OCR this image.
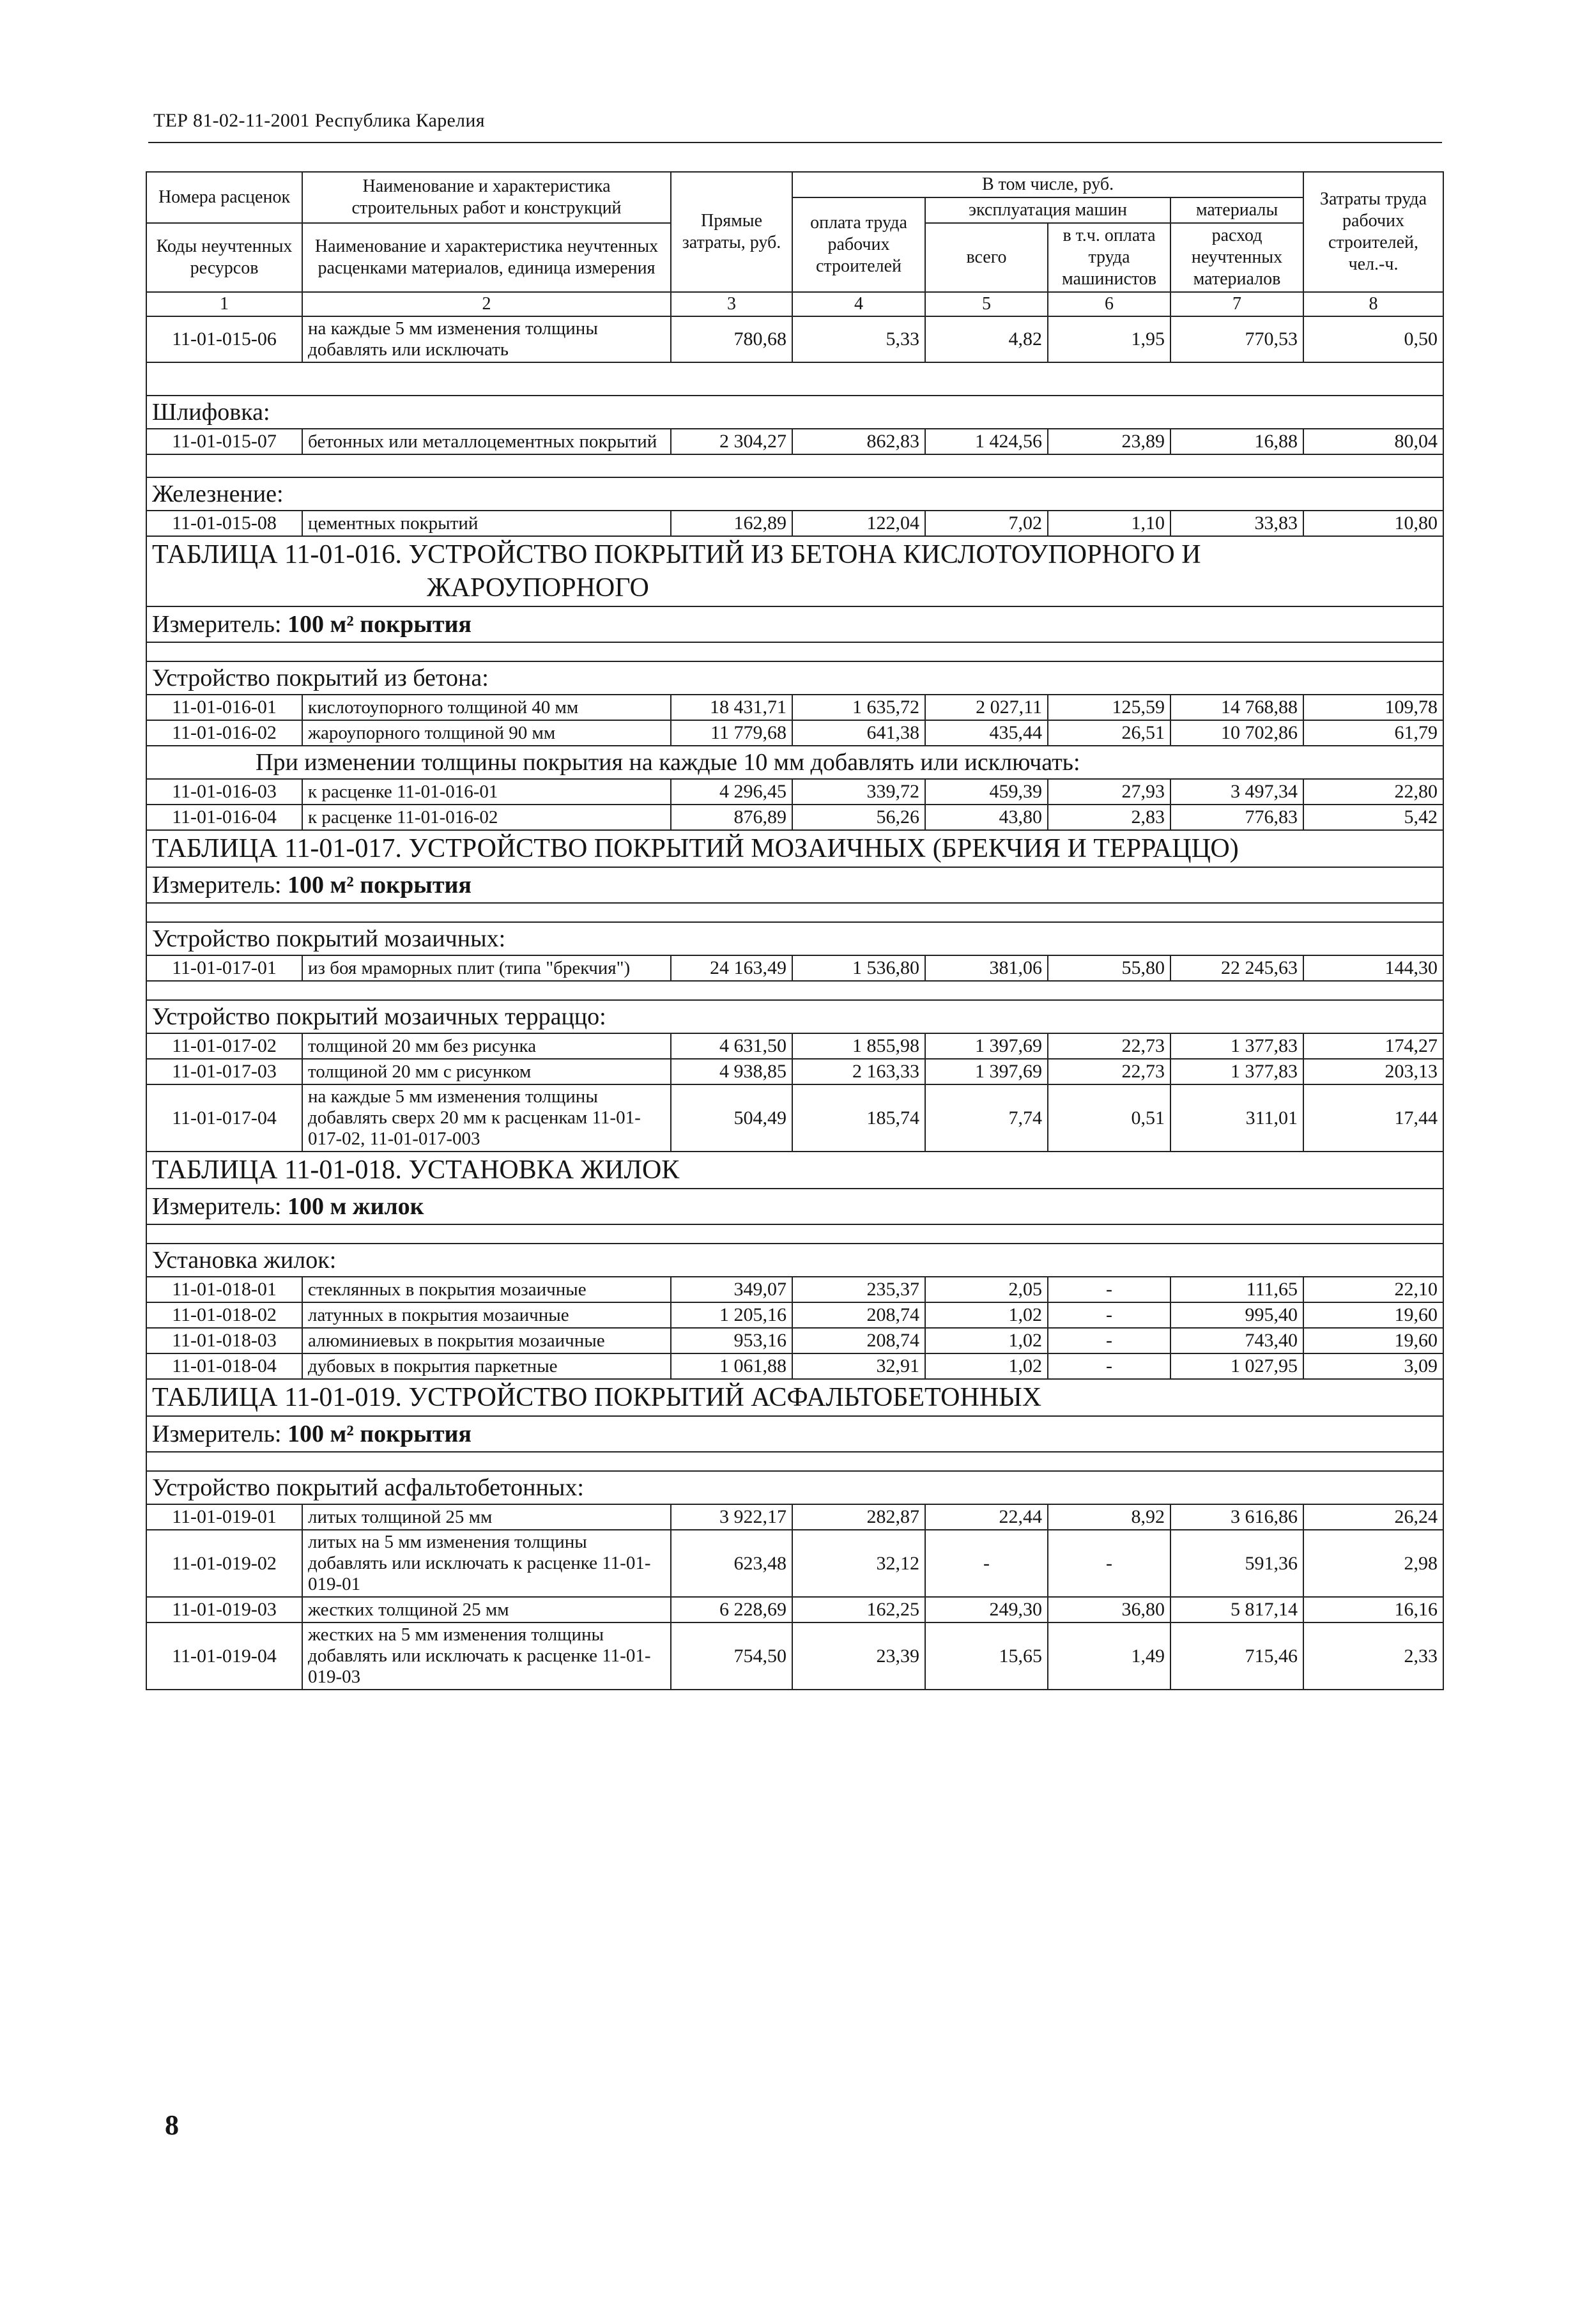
ТЕР 81-02-11-2001 Республика Карелия
Номера расценок	Наименование и характеристика строительных работ и конструкций	Прямые затраты, руб.	В том числе, руб.				Затраты труда рабочих строителей, чел.-ч.
			оплата труда рабочих строителей	эксплуатация машин		материалы	
Коды неучтенных ресурсов	Наименование и характеристика неучтенных расценками материалов, единица измерения			всего	в т.ч. оплата труда машинистов	расход неучтенных материалов	

1	2	3	4	5	6	7	8
11-01-015-06	на каждые 5 мм изменения толщины добавлять или исключать	780,68	5,33	4,82	1,95	770,53	0,50

Шлифовка:							
11-01-015-07	бетонных или металлоцементных покрытий	2 304,27	862,83	1 424,56	23,89	16,88	80,04

Железнение:							
11-01-015-08	цементных покрытий	162,89	122,04	7,02	1,10	33,83	10,80
ТАБЛИЦА 11-01-016. УСТРОЙСТВО ПОКРЫТИЙ ИЗ БЕТОНА КИСЛОТОУПОРНОГО И
ЖАРОУПОРНОГО							

Измеритель: 100 м² покрытия							

Устройство покрытий из бетона:							
11-01-016-01	кислотоупорного толщиной 40 мм	18 431,71	1 635,72	2 027,11	125,59	14 768,88	109,78
11-01-016-02	жароупорного толщиной 90 мм	11 779,68	641,38	435,44	26,51	10 702,86	61,79
При изменении толщины покрытия на каждые 10 мм добавлять или исключать:							
11-01-016-03	к расценке 11-01-016-01	4 296,45	339,72	459,39	27,93	3 497,34	22,80
11-01-016-04	к расценке 11-01-016-02	876,89	56,26	43,80	2,83	776,83	5,42
ТАБЛИЦА 11-01-017. УСТРОЙСТВО ПОКРЫТИЙ МОЗАИЧНЫХ (БРЕКЧИЯ И ТЕРРАЦЦО)							
Измеритель: 100 м² покрытия							

Устройство покрытий мозаичных:							
11-01-017-01	из боя мраморных плит (типа "брекчия")	24 163,49	1 536,80	381,06	55,80	22 245,63	144,30

Устройство покрытий мозаичных терраццо:							
11-01-017-02	толщиной 20 мм без рисунка	4 631,50	1 855,98	1 397,69	22,73	1 377,83	174,27
11-01-017-03	толщиной 20 мм с рисунком	4 938,85	2 163,33	1 397,69	22,73	1 377,83	203,13
11-01-017-04	на каждые 5 мм изменения толщины добавлять сверх 20 мм к расценкам 11-01-017-02, 11-01-017-003	504,49	185,74	7,74	0,51	311,01	17,44
ТАБЛИЦА 11-01-018. УСТАНОВКА ЖИЛОК							
Измеритель: 100 м жилок							

Установка жилок:							
11-01-018-01	стеклянных в покрытия мозаичные	349,07	235,37	2,05	-	111,65	22,10
11-01-018-02	латунных в покрытия мозаичные	1 205,16	208,74	1,02	-	995,40	19,60
11-01-018-03	алюминиевых в покрытия мозаичные	953,16	208,74	1,02	-	743,40	19,60
11-01-018-04	дубовых в покрытия паркетные	1 061,88	32,91	1,02	-	1 027,95	3,09
ТАБЛИЦА 11-01-019. УСТРОЙСТВО ПОКРЫТИЙ АСФАЛЬТОБЕТОННЫХ							
Измеритель: 100 м² покрытия							

Устройство покрытий асфальтобетонных:							
11-01-019-01	литых толщиной 25 мм	3 922,17	282,87	22,44	8,92	3 616,86	26,24
11-01-019-02	литых на 5 мм изменения толщины добавлять или исключать к расценке 11-01-019-01	623,48	32,12	-	-	591,36	2,98
11-01-019-03	жестких толщиной 25 мм	6 228,69	162,25	249,30	36,80	5 817,14	16,16
11-01-019-04	жестких на 5 мм изменения толщины добавлять или исключать к расценке 11-01-019-03	754,50	23,39	15,65	1,49	715,46	2,33
8
